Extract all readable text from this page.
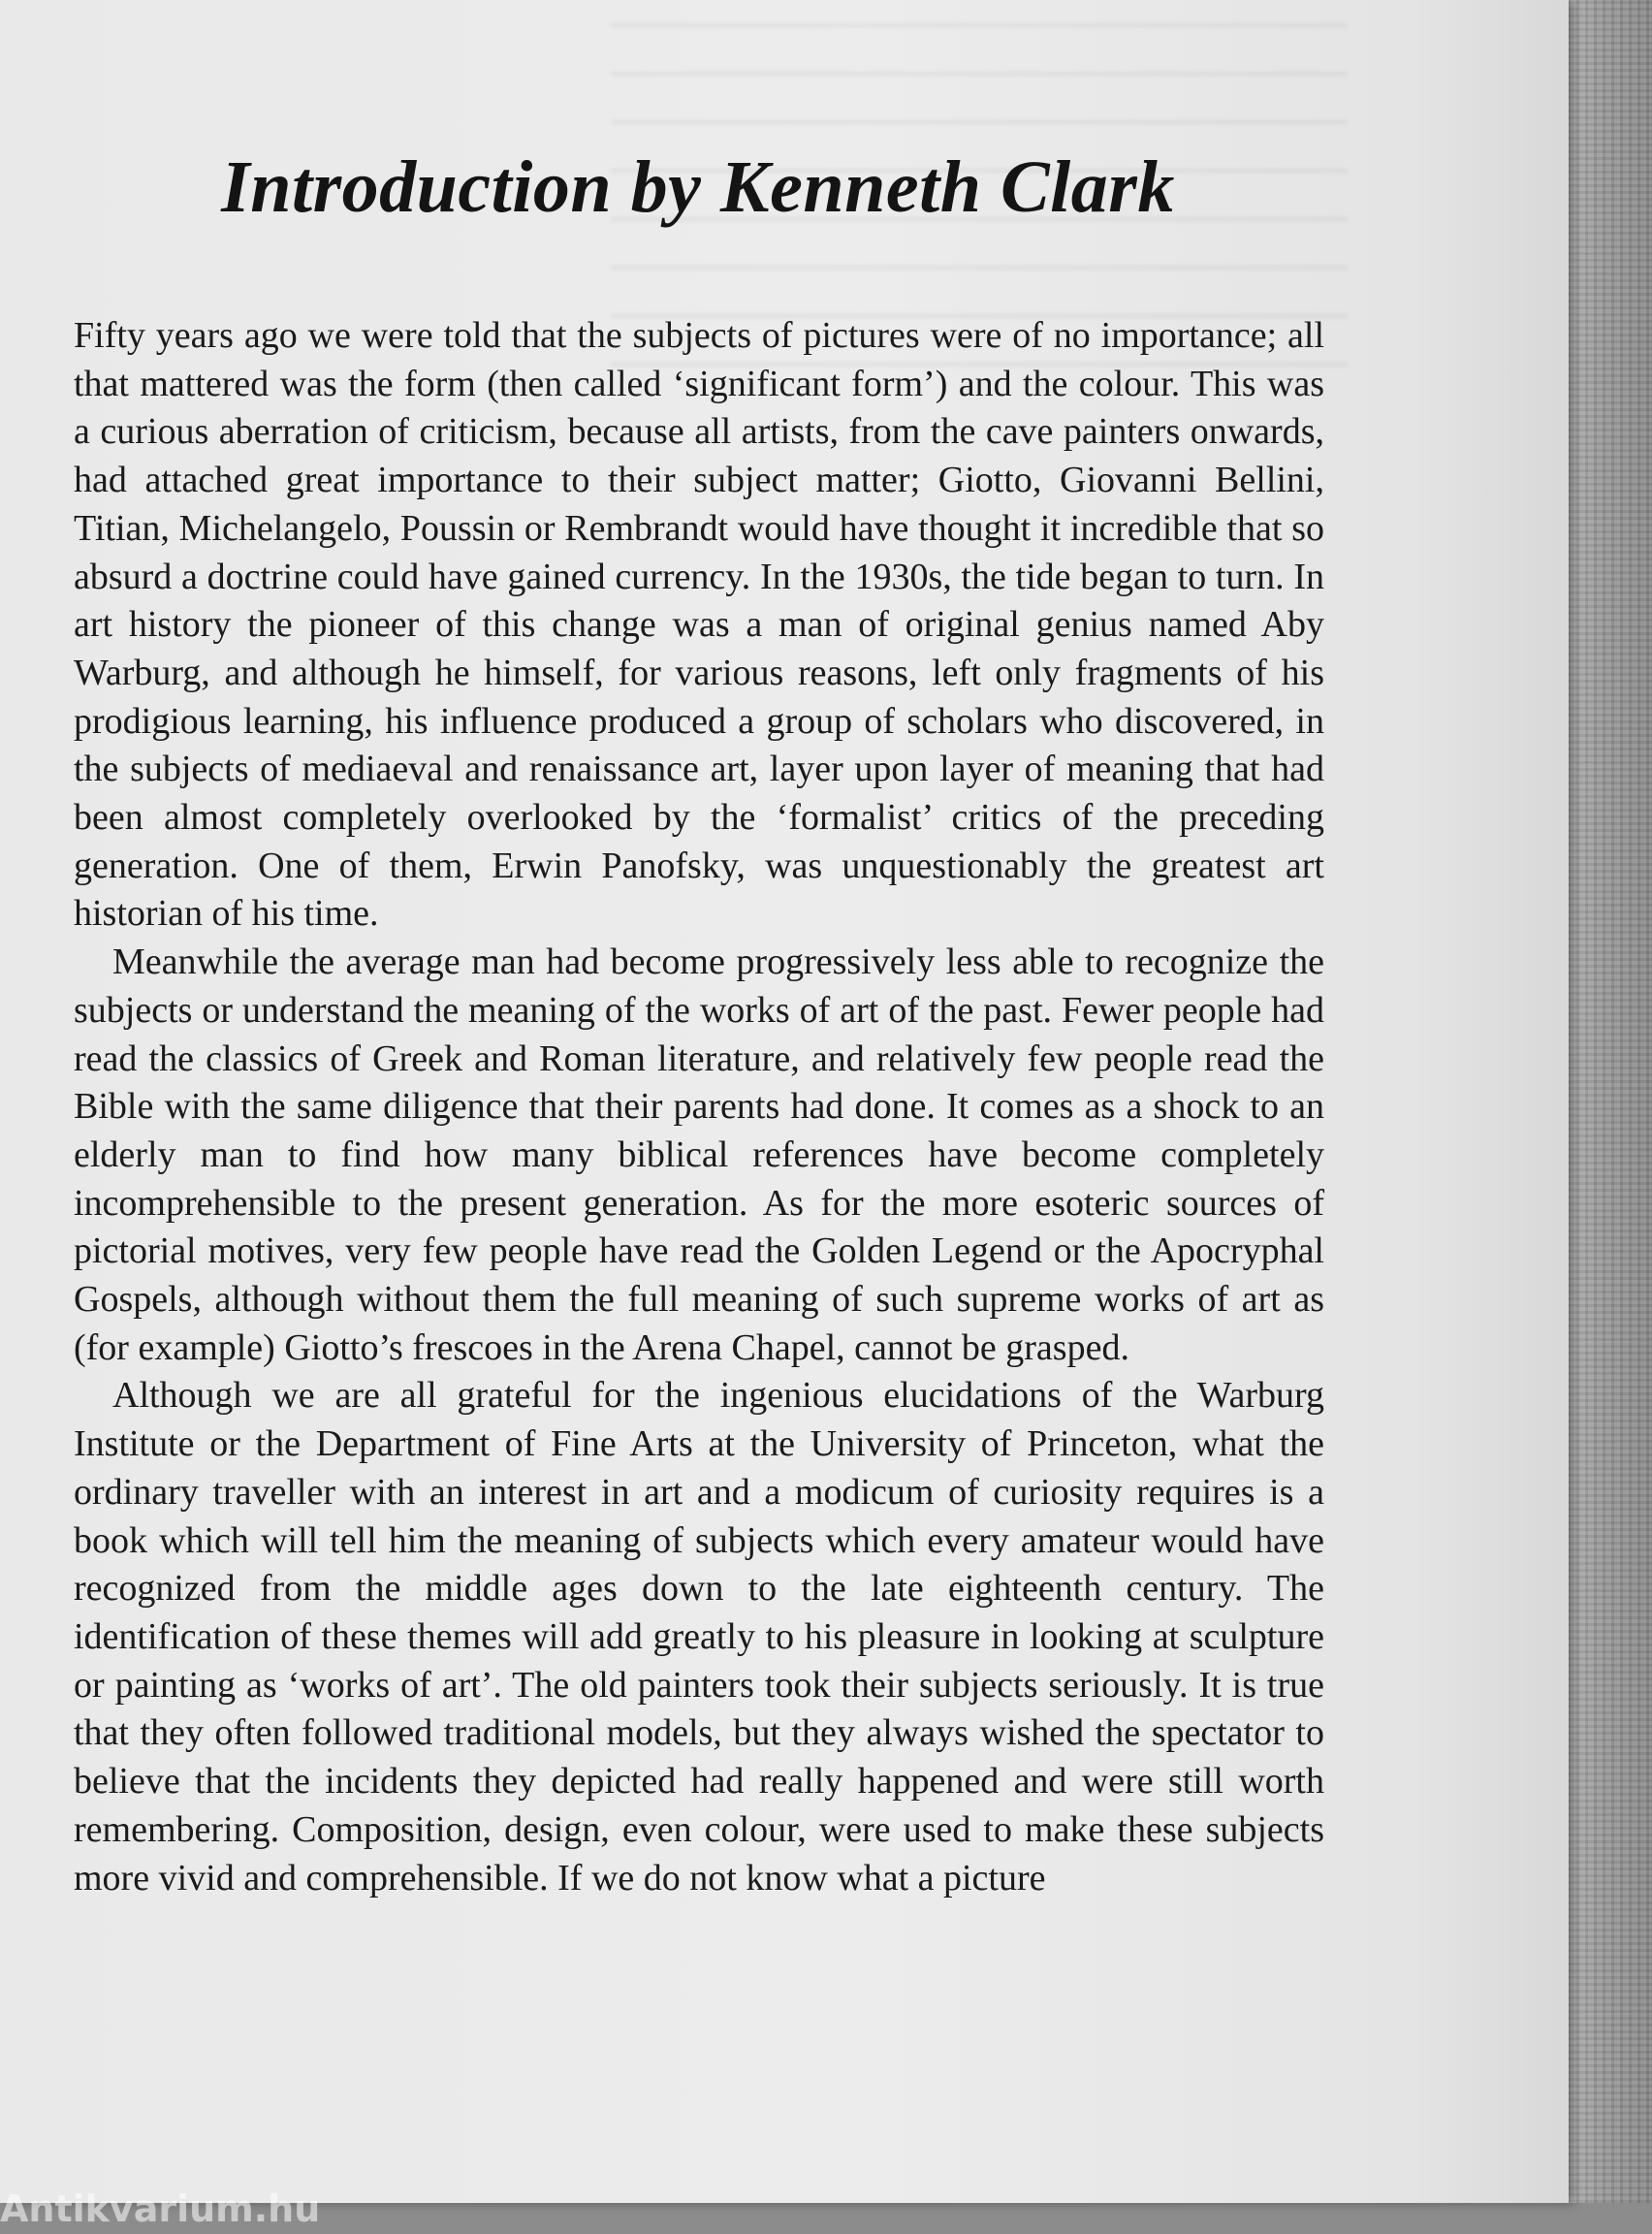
Introduction by Kenneth Clark

Fifty years ago we were told that the subjects of pictures were of no importance; all that mattered was the form (then called ‘significant form’) and the colour. This was a curious aberration of criticism, because all artists, from the cave painters onwards, had attached great importance to their subject matter; Giotto, Giovanni Bellini, Titian, Michelangelo, Poussin or Rembrandt would have thought it incredible that so absurd a doctrine could have gained currency. In the 1930s, the tide began to turn. In art history the pioneer of this change was a man of original genius named Aby Warburg, and although he himself, for various reasons, left only fragments of his prodigious learning, his influence produced a group of scholars who discovered, in the subjects of mediaeval and renaissance art, layer upon layer of meaning that had been almost completely overlooked by the ‘formalist’ critics of the preceding generation. One of them, Erwin Panofsky, was unquestionably the greatest art historian of his time.

Meanwhile the average man had become progressively less able to recognize the subjects or understand the meaning of the works of art of the past. Fewer people had read the classics of Greek and Roman literature, and relatively few people read the Bible with the same diligence that their parents had done. It comes as a shock to an elderly man to find how many biblical references have become completely incomprehensible to the present generation. As for the more esoteric sources of pictorial motives, very few people have read the Golden Legend or the Apocryphal Gospels, although without them the full meaning of such supreme works of art as (for example) Giotto’s frescoes in the Arena Chapel, cannot be grasped.

Although we are all grateful for the ingenious elucidations of the Warburg Institute or the Department of Fine Arts at the University of Princeton, what the ordinary traveller with an interest in art and a modicum of curiosity requires is a book which will tell him the meaning of subjects which every amateur would have recognized from the middle ages down to the late eighteenth century. The identification of these themes will add greatly to his pleasure in looking at sculpture or painting as ‘works of art’. The old painters took their subjects seriously. It is true that they often followed traditional models, but they always wished the spectator to believe that the incidents they depicted had really happened and were still worth remembering. Composition, design, even colour, were used to make these subjects more vivid and comprehensible. If we do not know what a picture

Antikvarium.hu
